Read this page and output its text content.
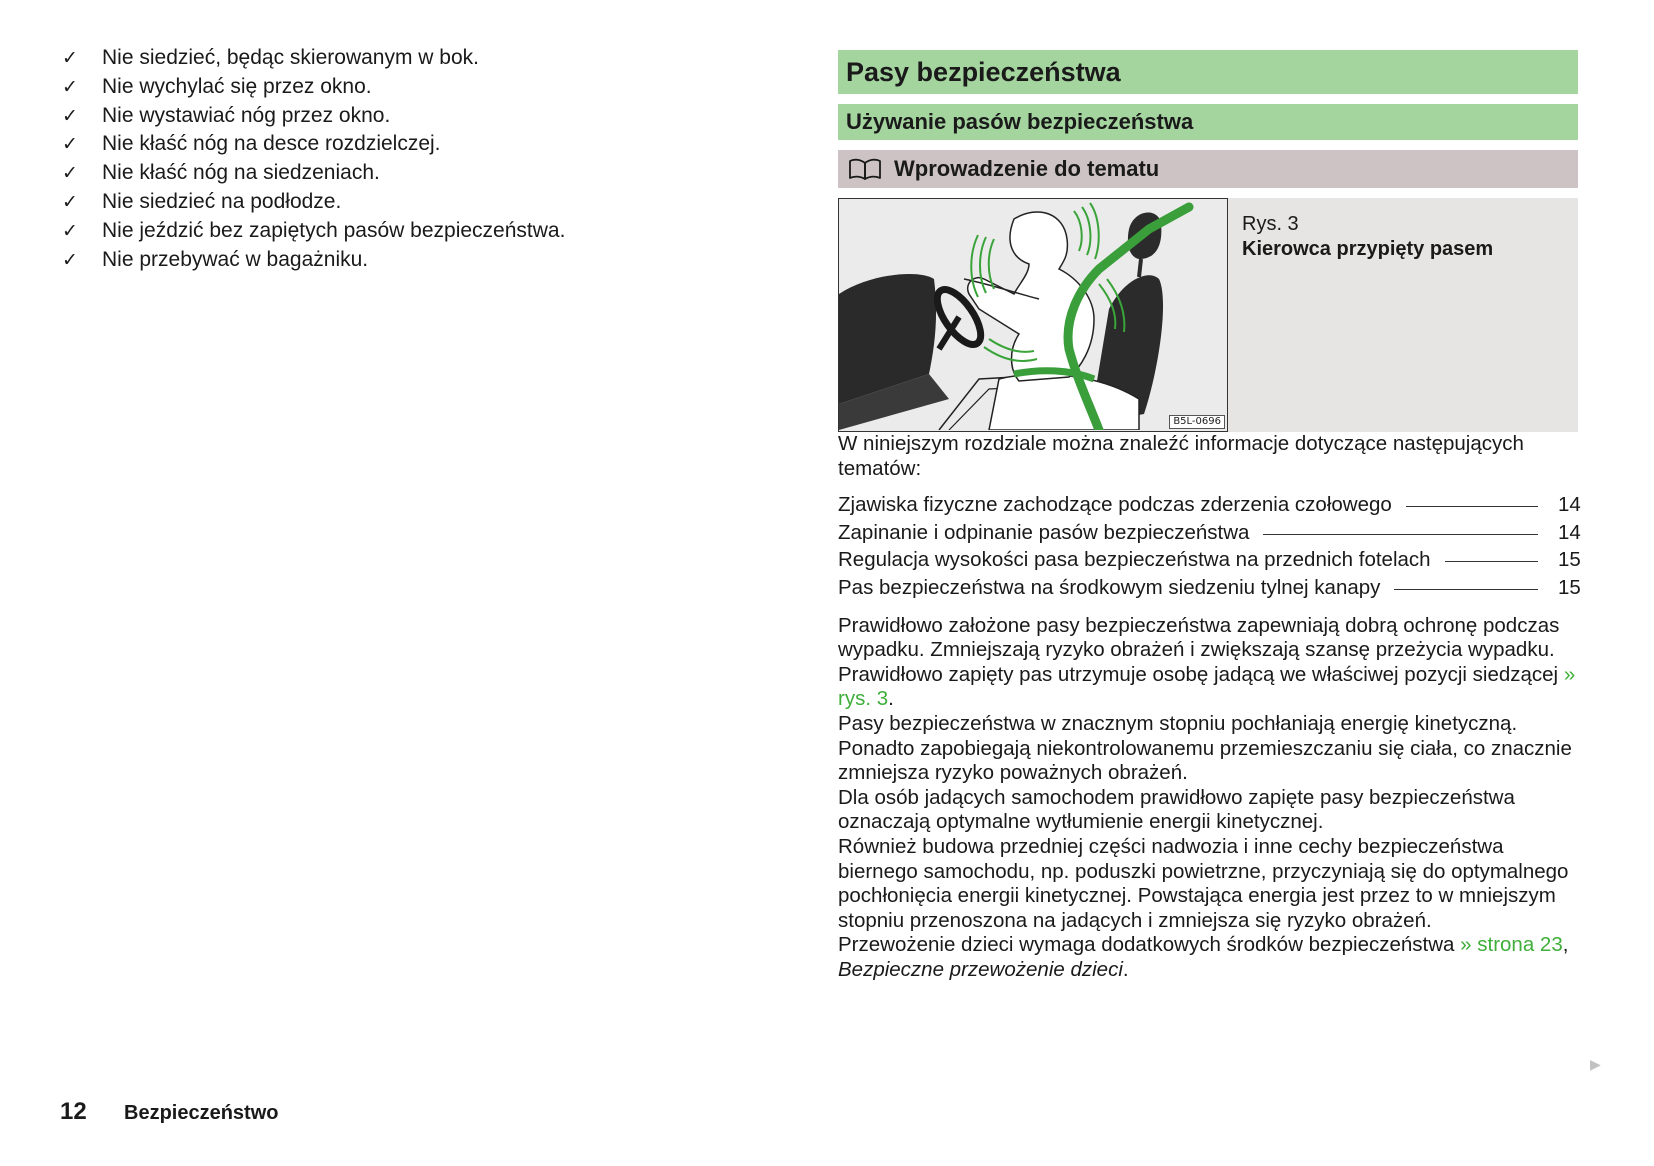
✓ Nie siedzieć, będąc skierowanym w bok.
✓ Nie wychylać się przez okno.
✓ Nie wystawiać nóg przez okno.
✓ Nie kłaść nóg na desce rozdzielczej.
✓ Nie kłaść nóg na siedzeniach.
✓ Nie siedzieć na podłodze.
✓ Nie jeździć bez zapiętych pasów bezpieczeństwa.
✓ Nie przebywać w bagażniku.
12	Bezpieczeństwo
Pasy bezpieczeństwa
Używanie pasów bezpieczeństwa
Wprowadzenie do tematu
B5L-0696
Rys. 3
Kierowca przypięty pasem

W niniejszym rozdziale można znaleźć informacje dotyczące następujących tematów:

Zjawiska fizyczne zachodzące podczas zderzenia czołowego	14
Zapinanie i odpinanie pasów bezpieczeństwa	14
Regulacja wysokości pasa bezpieczeństwa na przednich fotelach	15
Pas bezpieczeństwa na środkowym siedzeniu tylnej kanapy	15

Prawidłowo założone pasy bezpieczeństwa zapewniają dobrą ochronę podczas wypadku. Zmniejszają ryzyko obrażeń i zwiększają szansę przeżycia wypadku.

Prawidłowo zapięty pas utrzymuje osobę jadącą we właściwej pozycji siedzącej » rys. 3.

Pasy bezpieczeństwa w znacznym stopniu pochłaniają energię kinetyczną. Ponadto zapobiegają niekontrolowanemu przemieszczaniu się ciała, co znacznie zmniejsza ryzyko poważnych obrażeń.

Dla osób jadących samochodem prawidłowo zapięte pasy bezpieczeństwa oznaczają optymalne wytłumienie energii kinetycznej.

Również budowa przedniej części nadwozia i inne cechy bezpieczeństwa biernego samochodu, np. poduszki powietrzne, przyczyniają się do optymalnego pochłonięcia energii kinetycznej. Powstająca energia jest przez to w mniejszym stopniu przenoszona na jadących i zmniejsza się ryzyko obrażeń.

Przewożenie dzieci wymaga dodatkowych środków bezpieczeństwa » strona 23, Bezpieczne przewożenie dzieci.

▶
